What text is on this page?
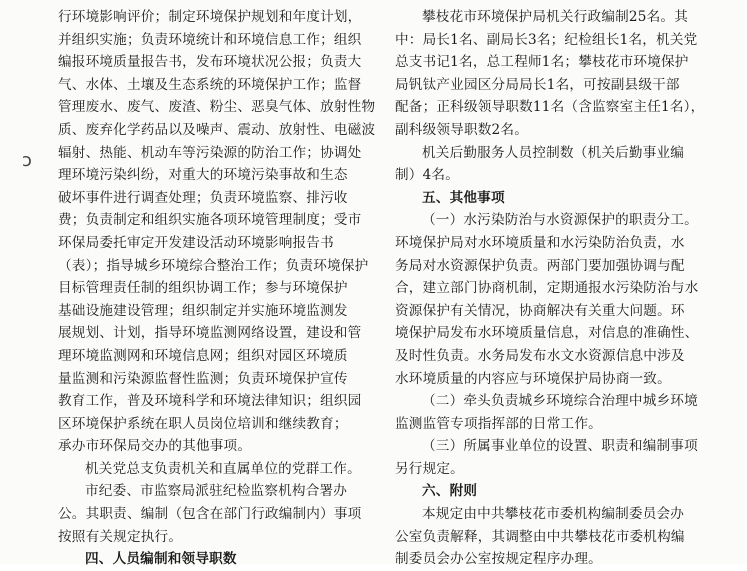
ɔ
行环境影响评价；制定环境保护规划和年度计划，
并组织实施；负责环境统计和环境信息工作；组织
编报环境质量报告书，发布环境状况公报；负责大
气、水体、土壤及生态系统的环境保护工作；监督
管理废水、废气、废渣、粉尘、恶臭气体、放射性物
质、废弃化学药品以及噪声、震动、放射性、电磁波
辐射、热能、机动车等污染源的防治工作；协调处
理环境污染纠纷，对重大的环境污染事故和生态
破坏事件进行调查处理；负责环境监察、排污收
费；负责制定和组织实施各项环境管理制度；受市
环保局委托审定开发建设活动环境影响报告书
（表）；指导城乡环境综合整治工作；负责环境保护
目标管理责任制的组织协调工作；参与环境保护
基础设施建设管理；组织制定并实施环境监测发
展规划、计划，指导环境监测网络设置，建设和管
理环境监测网和环境信息网；组织对园区环境质
量监测和污染源监督性监测；负责环境保护宣传
教育工作，普及环境科学和环境法律知识；组织园
区环境保护系统在职人员岗位培训和继续教育；
承办市环保局交办的其他事项。
机关党总支负责机关和直属单位的党群工作。
市纪委、市监察局派驻纪检监察机构合署办
公。其职责、编制（包含在部门行政编制内）事项
按照有关规定执行。
四、人员编制和领导职数
攀枝花市环境保护局机关行政编制25名。其
中：局长1名、副局长3名；纪检组长1名，机关党
总支书记1名，总工程师1名；攀枝花市环境保护
局钒钛产业园区分局局长1名，可按副县级干部
配备；正科级领导职数11名（含监察室主任1名），
副科级领导职数2名。
机关后勤服务人员控制数（机关后勤事业编
制）4名。
五、其他事项
（一）水污染防治与水资源保护的职责分工。
环境保护局对水环境质量和水污染防治负责，水
务局对水资源保护负责。两部门要加强协调与配
合，建立部门协商机制，定期通报水污染防治与水
资源保护有关情况，协商解决有关重大问题。环
境保护局发布水环境质量信息，对信息的准确性、
及时性负责。水务局发布水文水资源信息中涉及
水环境质量的内容应与环境保护局协商一致。
（二）牵头负责城乡环境综合治理中城乡环境
监测监管专项指挥部的日常工作。
（三）所属事业单位的设置、职责和编制事项
另行规定。
六、附则
本规定由中共攀枝花市委机构编制委员会办
公室负责解释，其调整由中共攀枝花市委机构编
制委员会办公室按规定程序办理。
